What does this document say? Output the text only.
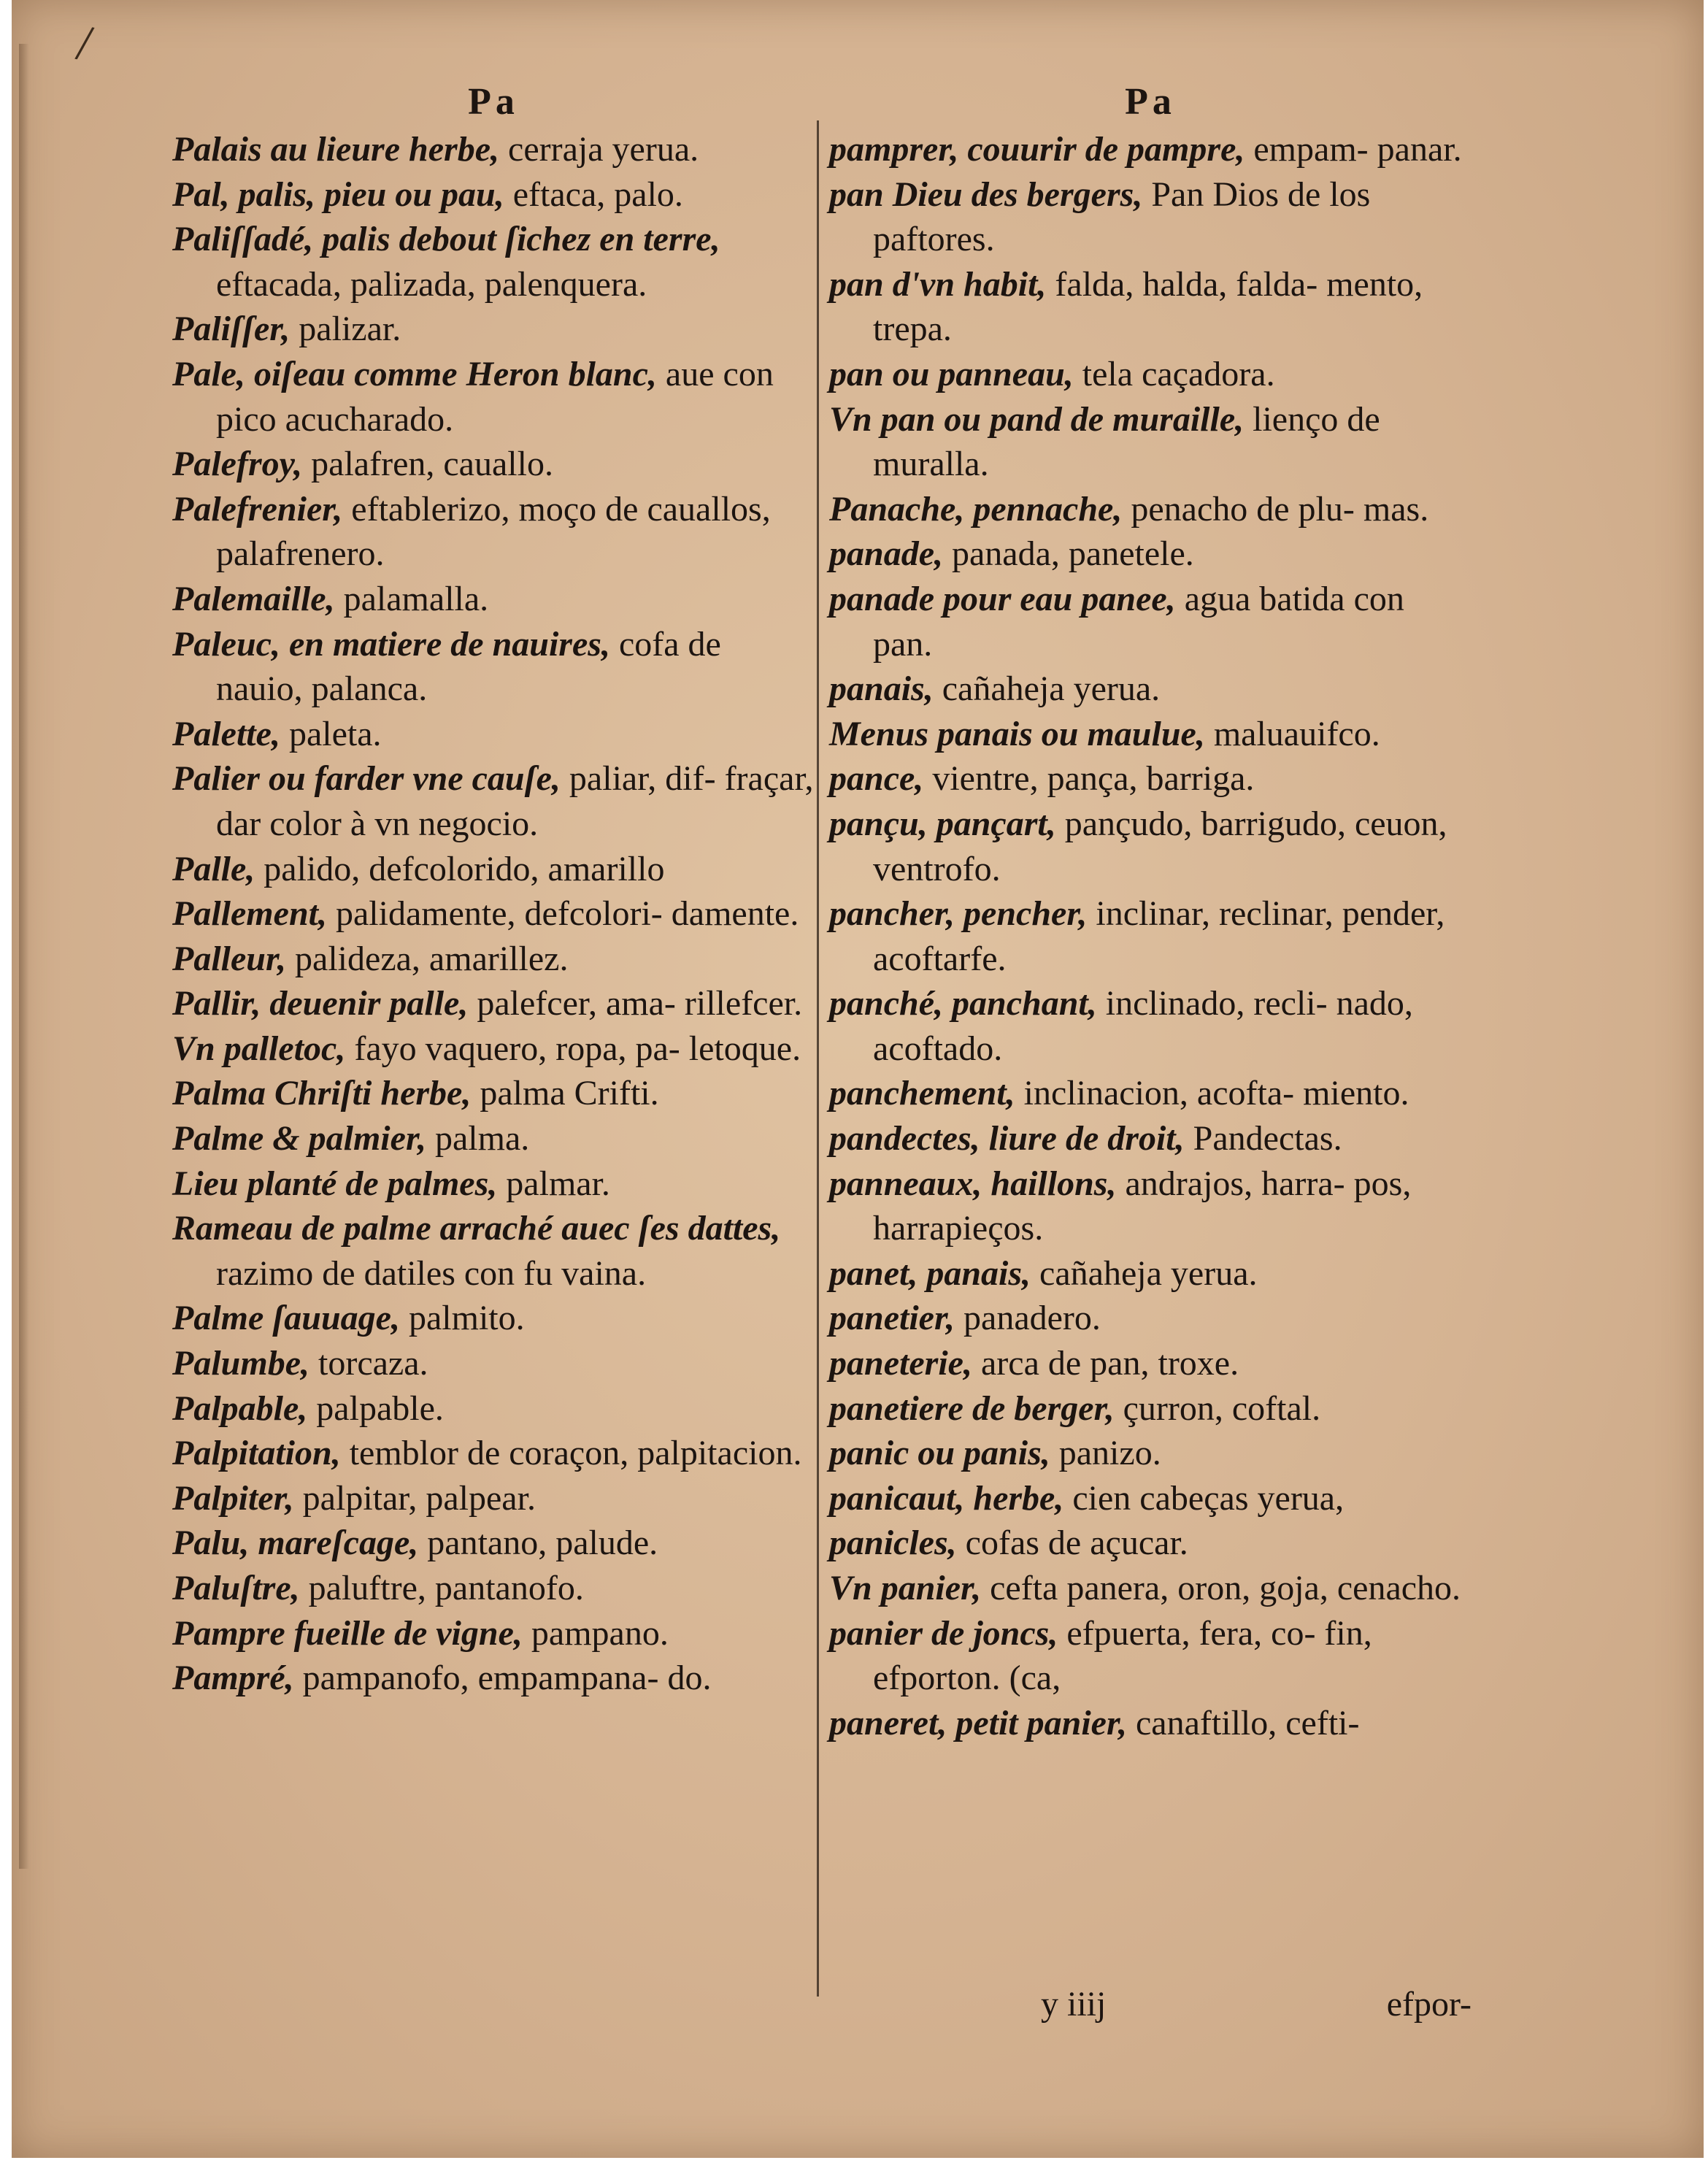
/
Pa
Palais au lieure herbe, cerraja yerua.
Pal, palis, pieu ou pau, eftaca, palo.
Paliſſadé, palis debout ſichez en terre, eftacada, palizada, palenquera.
Paliſſer, palizar.
Pale, oiſeau comme Heron blanc, aue con pico acucharado.
Palefroy, palafren, cauallo.
Palefrenier, eftablerizo, moço de cauallos, palafrenero.
Palemaille, palamalla.
Paleuc, en matiere de nauires, cofa de nauio, palanca.
Palette, paleta.
Palier ou farder vne cauſe, paliar, dif- fraçar, dar color à vn negocio.
Palle, palido, defcolorido, amarillo
Pallement, palidamente, defcolori- damente.
Palleur, palideza, amarillez.
Pallir, deuenir palle, palefcer, ama- rillefcer.
Vn palletoc, fayo vaquero, ropa, pa- letoque.
Palma Chriſti herbe, palma Crifti.
Palme & palmier, palma.
Lieu planté de palmes, palmar.
Rameau de palme arraché auec ſes dattes, razimo de datiles con fu vaina.
Palme ſauuage, palmito.
Palumbe, torcaza.
Palpable, palpable.
Palpitation, temblor de coraçon, palpitacion.
Palpiter, palpitar, palpear.
Palu, mareſcage, pantano, palude.
Paluſtre, paluftre, pantanofo.
Pampre fueille de vigne, pampano.
Pampré, pampanofo, empampana- do.
Pa
pamprer, couurir de pampre, empam- panar.
pan Dieu des bergers, Pan Dios de los paftores.
pan d'vn habit, falda, halda, falda- mento, trepa.
pan ou panneau, tela caçadora.
Vn pan ou pand de muraille, lienço de muralla.
Panache, pennache, penacho de plu- mas.
panade, panada, panetele.
panade pour eau panee, agua batida con pan.
panais, cañaheja yerua.
Menus panais ou maulue, maluauifco.
pance, vientre, pança, barriga.
pançu, pançart, pançudo, barrigudo, ceuon, ventrofo.
pancher, pencher, inclinar, reclinar, pender, acoftarfe.
panché, panchant, inclinado, recli- nado, acoftado.
panchement, inclinacion, acofta- miento.
pandectes, liure de droit, Pandectas.
panneaux, haillons, andrajos, harra- pos, harrapieços.
panet, panais, cañaheja yerua.
panetier, panadero.
paneterie, arca de pan, troxe.
panetiere de berger, çurron, coftal.
panic ou panis, panizo.
panicaut, herbe, cien cabeças yerua,
panicles, cofas de açucar.
Vn panier, cefta panera, oron, goja, cenacho.
panier de joncs, efpuerta, fera, co- fin, efporton. (ca,
paneret, petit panier, canaftillo, cefti-
y iiij	efpor-
